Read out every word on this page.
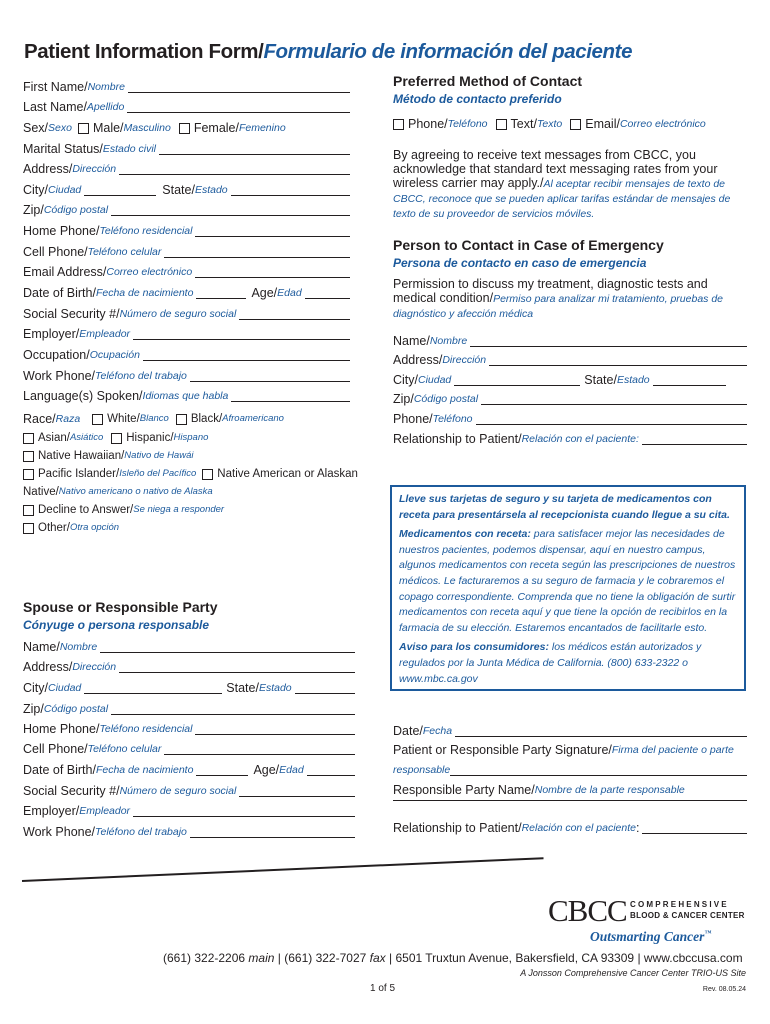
Patient Information Form/Formulario de información del paciente
First Name/ Nombre
Last Name/ Apellido
Sex/ Sexo Male/ Masculino Female/ Femenino
Marital Status/ Estado civil
Address/ Dirección
City/ Ciudad	State/ Estado
Zip/ Código postal
Home Phone/ Teléfono residencial
Cell Phone/ Teléfono celular
Email Address/ Correo electrónico
Date of Birth/ Fecha de nacimiento	Age/ Edad
Social Security #/ Número de seguro social
Employer/ Empleador
Occupation/ Ocupación
Work Phone/ Teléfono del trabajo
Language(s) Spoken/ Idiomas que habla
Race/ Raza White/ Blanco Black/ Afroamericano
Asian/ Asiático Hispanic/ Hispano
Native Hawaiian/ Nativo de Hawái
Pacific Islander/ Isleño del Pacífico Native American or Alaskan
Native/ Nativo americano o nativo de Alaska
Decline to Answer/ Se niega a responder
Other/ Otra opción
Spouse or Responsible Party
Cónyuge o persona responsable
Name/ Nombre
Address/ Dirección
City/ Ciudad	State/ Estado
Zip/ Código postal
Home Phone/ Teléfono residencial
Cell Phone/ Teléfono celular
Date of Birth/ Fecha de nacimiento	Age/ Edad
Social Security #/ Número de seguro social
Employer/ Empleador
Work Phone/ Teléfono del trabajo
Preferred Method of Contact
Método de contacto preferido
Phone/ Teléfono Text/ Texto Email/ Correo electrónico
By agreeing to receive text messages from CBCC, you acknowledge that standard text messaging rates from your wireless carrier may apply./Al aceptar recibir mensajes de texto de CBCC, reconoce que se pueden aplicar tarifas estándar de mensajes de texto de su proveedor de servicios móviles.
Person to Contact in Case of Emergency
Persona de contacto en caso de emergencia
Permission to discuss my treatment, diagnostic tests and medical condition/Permiso para analizar mi tratamiento, pruebas de diagnóstico y afección médica
Name/ Nombre
Address/ Dirección
City/ Ciudad	State/ Estado
Zip/ Código postal
Phone/ Teléfono
Relationship to Patient/ Relación con el paciente :

Lleve sus tarjetas de seguro y su tarjeta de medicamentos con receta para presentársela al recepcionista cuando llegue a su cita.

Medicamentos con receta: para satisfacer mejor las necesidades de nuestros pacientes, podemos dispensar, aquí en nuestro campus, algunos medicamentos con receta según las prescripciones de nuestros médicos. Le facturaremos a su seguro de farmacia y le cobraremos el copago correspondiente. Comprenda que no tiene la obligación de surtir medicamentos con receta aquí y que tiene la opción de recibirlos en la farmacia de su elección. Estaremos encantados de facilitarle esto.

Aviso para los consumidores: los médicos están autorizados y regulados por la Junta Médica de California. (800) 633-2322 o www.mbc.ca.gov

Date/ Fecha
Patient or Responsible Party Signature/ Firma del paciente o parte
responsable
Responsible Party Name/ Nombre de la parte responsable
Relationship to Patient/ Relación con el paciente :
CBCC COMPREHENSIVE
BLOOD & CANCER CENTER
Outsmarting Cancer™
(661) 322-2206 main | (661) 322-7027 fax | 6501 Truxtun Avenue, Bakersfield, CA 93309 | www.cbccusa.com
A Jonsson Comprehensive Cancer Center TRIO-US Site
1 of 5	Rev. 08.05.24
